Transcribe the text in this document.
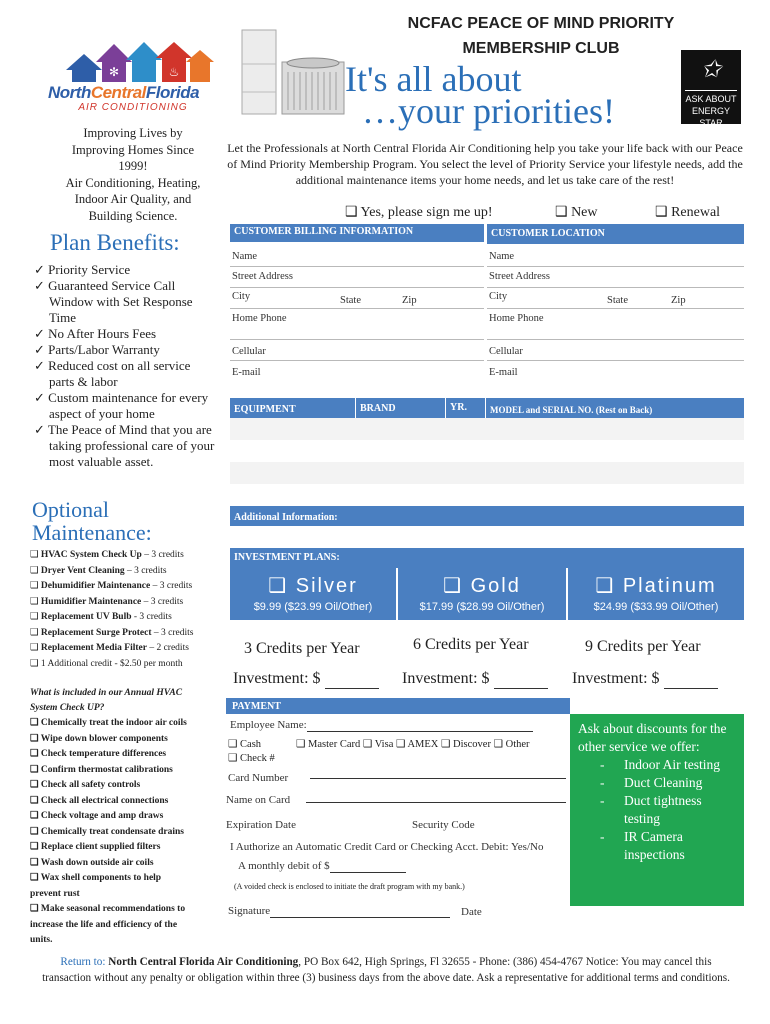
✻	♨
NorthCentralFlorida
AIR CONDITIONING
NCFAC PEACE OF MIND PRIORITY
MEMBERSHIP CLUB
It's all about
…your priorities!
✩
ASK ABOUT
ENERGY STAR
Improving Lives by
Improving Homes Since
1999!
Air Conditioning, Heating,
Indoor Air Quality, and
Building Science.
Let the Professionals at North Central Florida Air Conditioning help you take your life back with our Peace of Mind Priority Membership Program. You select the level of Priority Service your lifestyle needs, add the additional maintenance items your home needs, and let us take care of the rest!
❑ Yes, please sign me up!	❑ New	❑ Renewal
Plan Benefits:
✓ Priority Service
✓ Guaranteed Service Call Window with Set Response Time
✓ No After Hours Fees
✓ Parts/Labor Warranty
✓ Reduced cost on all service parts & labor
✓ Custom maintenance for every aspect of your home
✓ The Peace of Mind that you are taking professional care of your most valuable asset.
Optional
Maintenance:
❑ HVAC System Check Up – 3 credits
❑ Dryer Vent Cleaning – 3 credits
❑ Dehumidifier Maintenance – 3 credits
❑ Humidifier Maintenance – 3 credits
❑ Replacement UV Bulb - 3 credits
❑ Replacement Surge Protect – 3 credits
❑ Replacement Media Filter – 2 credits
❑ 1 Additional credit - $2.50 per month
What is included in our Annual HVAC
System Check UP?
❑ Chemically treat the indoor air coils
❑ Wipe down blower components
❑ Check temperature differences
❑ Confirm thermostat calibrations
❑ Check all safety controls
❑ Check all electrical connections
❑ Check voltage and amp draws
❑ Chemically treat condensate drains
❑ Replace client supplied filters
❑ Wash down outside air coils
❑ Wax shell components to help
prevent rust
❑ Make seasonal recommendations to
increase the life and efficiency of the
units.
CUSTOMER BILLING INFORMATION	CUSTOMER LOCATION
Name
Street Address
City	State	Zip
Home Phone
Cellular
E-mail
Name
Street Address
City	State	Zip
Home Phone
Cellular
E-mail
EQUIPMENT	BRAND	YR.	MODEL and SERIAL NO. (Rest on Back)
Additional Information:
INVESTMENT PLANS:
❑ Silver
$9.99 ($23.99 Oil/Other)
❑ Gold
$17.99 ($28.99 Oil/Other)
❑ Platinum
$24.99 ($33.99 Oil/Other)
3 Credits per Year	6 Credits per Year	9 Credits per Year
Investment: $	Investment: $	Investment: $
PAYMENT
Employee Name:
❑ Cash	❑ Master Card ❑ Visa ❑ AMEX ❑ Discover ❑ Other
❑ Check #
Card Number
Name on Card
Expiration Date	Security Code
I Authorize an Automatic Credit Card or Checking Acct. Debit: Yes/No
A monthly debit of $
(A voided check is enclosed to initiate the draft program with my bank.)
Signature	Date
Ask about discounts for the other service we offer:
- Indoor Air testing
- Duct Cleaning
- Duct tightness testing
- IR Camera inspections
Return to: North Central Florida Air Conditioning, PO Box 642, High Springs, Fl 32655 - Phone: (386) 454-4767 Notice: You may cancel this transaction without any penalty or obligation within three (3) business days from the above date. Ask a representative for additional terms and conditions.
